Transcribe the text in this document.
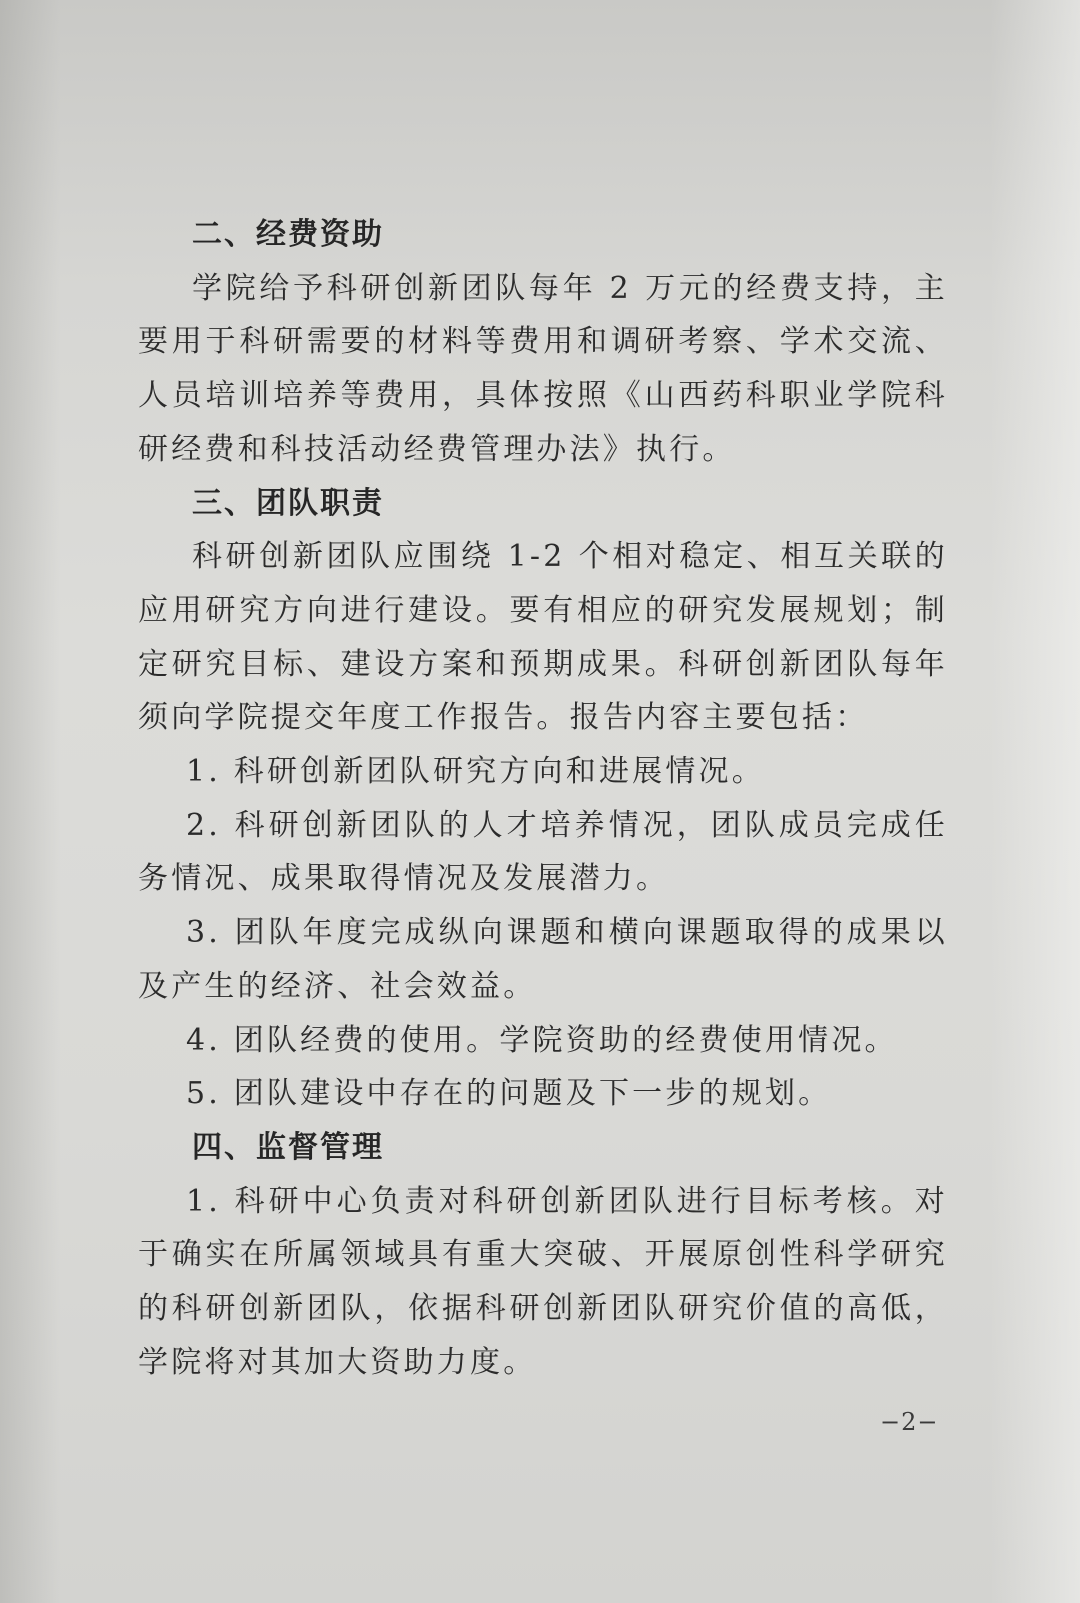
二、经费资助

学院给予科研创新团队每年 2 万元的经费支持，主要用于科研需要的材料等费用和调研考察、学术交流、人员培训培养等费用，具体按照《山西药科职业学院科研经费和科技活动经费管理办法》执行。

三、团队职责

科研创新团队应围绕 1-2 个相对稳定、相互关联的应用研究方向进行建设。要有相应的研究发展规划；制定研究目标、建设方案和预期成果。科研创新团队每年须向学院提交年度工作报告。报告内容主要包括：

1. 科研创新团队研究方向和进展情况。

2. 科研创新团队的人才培养情况，团队成员完成任务情况、成果取得情况及发展潜力。

3. 团队年度完成纵向课题和横向课题取得的成果以及产生的经济、社会效益。

4. 团队经费的使用。学院资助的经费使用情况。

5. 团队建设中存在的问题及下一步的规划。

四、监督管理

1. 科研中心负责对科研创新团队进行目标考核。对于确实在所属领域具有重大突破、开展原创性科学研究的科研创新团队，依据科研创新团队研究价值的高低，学院将对其加大资助力度。

−2−
